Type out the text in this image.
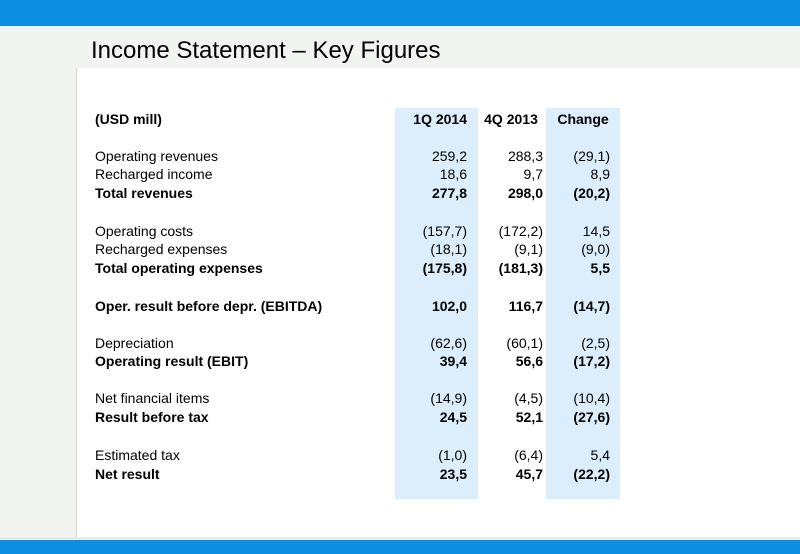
Income Statement – Key Figures
(USD mill)	1Q 2014	4Q 2013	Change
Operating revenues	259,2	288,3	(29,1)
Recharged income	18,6	9,7	8,9
Total revenues	277,8	298,0	(20,2)
Operating costs	(157,7)	(172,2)	14,5
Recharged expenses	(18,1)	(9,1)	(9,0)
Total operating expenses	(175,8)	(181,3)	5,5
Oper. result before depr. (EBITDA)	102,0	116,7	(14,7)
Depreciation	(62,6)	(60,1)	(2,5)
Operating result (EBIT)	39,4	56,6	(17,2)
Net financial items	(14,9)	(4,5)	(10,4)
Result before tax	24,5	52,1	(27,6)
Estimated tax	(1,0)	(6,4)	5,4
Net result	23,5	45,7	(22,2)
